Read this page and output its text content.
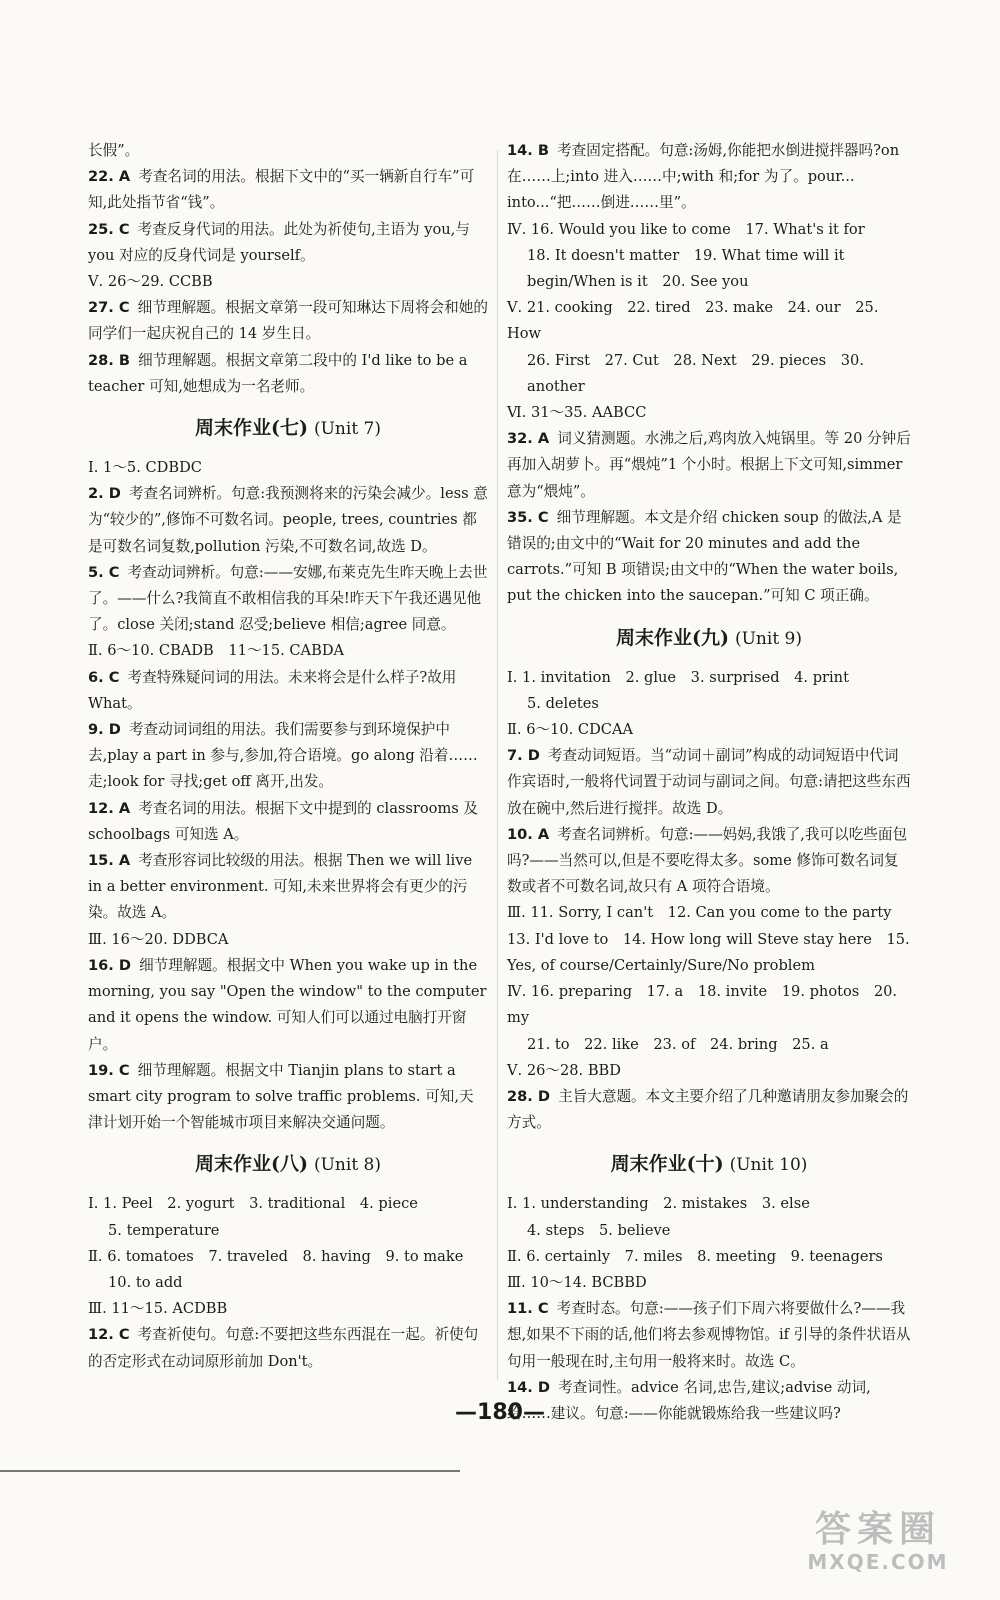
长假”。

22. A 考查名词的用法。根据下文中的“买一辆新自行车”可知,此处指节省“钱”。

25. C 考查反身代词的用法。此处为祈使句,主语为 you,与 you 对应的反身代词是 yourself。

Ⅴ. 26～29. CCBB

27. C 细节理解题。根据文章第一段可知琳达下周将会和她的同学们一起庆祝自己的 14 岁生日。

28. B 细节理解题。根据文章第二段中的 I'd like to be a teacher 可知,她想成为一名老师。

周末作业(七) (Unit 7)

Ⅰ. 1～5. CDBDC

2. D 考查名词辨析。句意:我预测将来的污染会减少。less 意为“较少的”,修饰不可数名词。people, trees, countries 都是可数名词复数,pollution 污染,不可数名词,故选 D。

5. C 考查动词辨析。句意:——安娜,布莱克先生昨天晚上去世了。——什么?我简直不敢相信我的耳朵!昨天下午我还遇见他了。close 关闭;stand 忍受;believe 相信;agree 同意。

Ⅱ. 6～10. CBADB　11～15. CABDA

6. C 考查特殊疑问词的用法。未来将会是什么样子?故用 What。

9. D 考查动词词组的用法。我们需要参与到环境保护中去,play a part in 参与,参加,符合语境。go along 沿着……走;look for 寻找;get off 离开,出发。

12. A 考查名词的用法。根据下文中提到的 classrooms 及 schoolbags 可知选 A。

15. A 考查形容词比较级的用法。根据 Then we will live in a better environment. 可知,未来世界将会有更少的污染。故选 A。

Ⅲ. 16～20. DDBCA

16. D 细节理解题。根据文中 When you wake up in the morning, you say "Open the window" to the computer and it opens the window. 可知人们可以通过电脑打开窗户。

19. C 细节理解题。根据文中 Tianjin plans to start a smart city program to solve traffic problems. 可知,天津计划开始一个智能城市项目来解决交通问题。

周末作业(八) (Unit 8)

Ⅰ. 1. Peel　2. yogurt　3. traditional　4. piece

5. temperature

Ⅱ. 6. tomatoes　7. traveled　8. having　9. to make

10. to add

Ⅲ. 11～15. ACDBB

12. C 考查祈使句。句意:不要把这些东西混在一起。祈使句的否定形式在动词原形前加 Don't。

14. B 考查固定搭配。句意:汤姆,你能把水倒进搅拌器吗?on 在……上;into 进入……中;with 和;for 为了。pour... into...“把……倒进……里”。

Ⅳ. 16. Would you like to come　17. What's it for

18. It doesn't matter　19. What time will it begin/When is it　20. See you

Ⅴ. 21. cooking　22. tired　23. make　24. our　25. How

26. First　27. Cut　28. Next　29. pieces　30. another

Ⅵ. 31～35. AABCC

32. A 词义猜测题。水沸之后,鸡肉放入炖锅里。等 20 分钟后再加入胡萝卜。再“煨炖”1 个小时。根据上下文可知,simmer 意为“煨炖”。

35. C 细节理解题。本文是介绍 chicken soup 的做法,A 是错误的;由文中的“Wait for 20 minutes and add the carrots.”可知 B 项错误;由文中的“When the water boils, put the chicken into the saucepan.”可知 C 项正确。

周末作业(九) (Unit 9)

Ⅰ. 1. invitation　2. glue　3. surprised　4. print

5. deletes

Ⅱ. 6～10. CDCAA

7. D 考查动词短语。当“动词＋副词”构成的动词短语中代词作宾语时,一般将代词置于动词与副词之间。句意:请把这些东西放在碗中,然后进行搅拌。故选 D。

10. A 考查名词辨析。句意:——妈妈,我饿了,我可以吃些面包吗?——当然可以,但是不要吃得太多。some 修饰可数名词复数或者不可数名词,故只有 A 项符合语境。

Ⅲ. 11. Sorry, I can't　12. Can you come to the party　13. I'd love to　14. How long will Steve stay here　15. Yes, of course/Certainly/Sure/No problem

Ⅳ. 16. preparing　17. a　18. invite　19. photos　20. my

21. to　22. like　23. of　24. bring　25. a

Ⅴ. 26～28. BBD

28. D 主旨大意题。本文主要介绍了几种邀请朋友参加聚会的方式。

周末作业(十) (Unit 10)

Ⅰ. 1. understanding　2. mistakes　3. else

4. steps　5. believe

Ⅱ. 6. certainly　7. miles　8. meeting　9. teenagers

Ⅲ. 10～14. BCBBD

11. C 考查时态。句意:——孩子们下周六将要做什么?——我想,如果不下雨的话,他们将去参观博物馆。if 引导的条件状语从句用一般现在时,主句用一般将来时。故选 C。

14. D 考查词性。advice 名词,忠告,建议;advise 动词,给……建议。句意:——你能就锻炼给我一些建议吗?

—180—
答案圈
MXQE.COM
